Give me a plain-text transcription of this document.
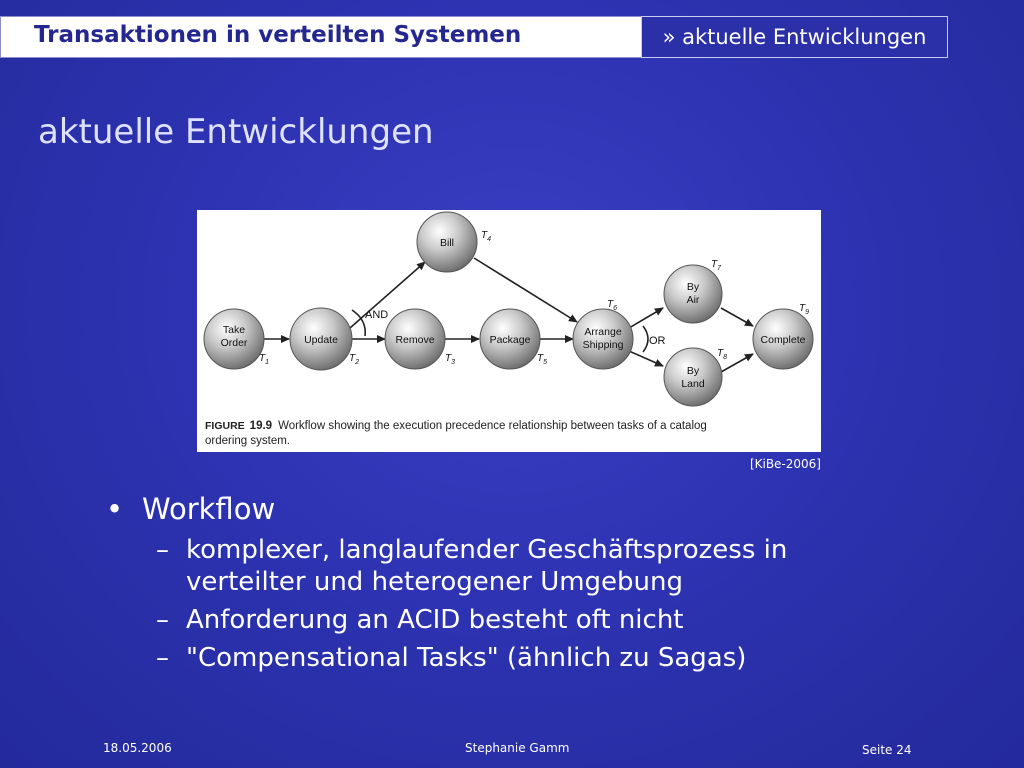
Transaktionen in verteilten Systemen	» aktuelle Entwicklungen
aktuelle Entwicklungen
AND
OR
Take
Order
$T_1$
Update
$T_2$
Bill
$T_4$
Remove
$T_3$
Package
$T_5$
Arrange
Shipping
$T_6$
By
Air
$T_7$
By
Land
$T_8$
Complete
$T_9$
FIGURE 19.9 Workflow showing the execution precedence relationship between tasks of a catalog
ordering system.
[KiBe-2006]
• Workflow
– komplexer, langlaufender Geschäftsprozess in
verteilter und heterogener Umgebung
– Anforderung an ACID besteht oft nicht
– "Compensational Tasks" (ähnlich zu Sagas)
18.05.2006	Stephanie Gamm	Seite 24
